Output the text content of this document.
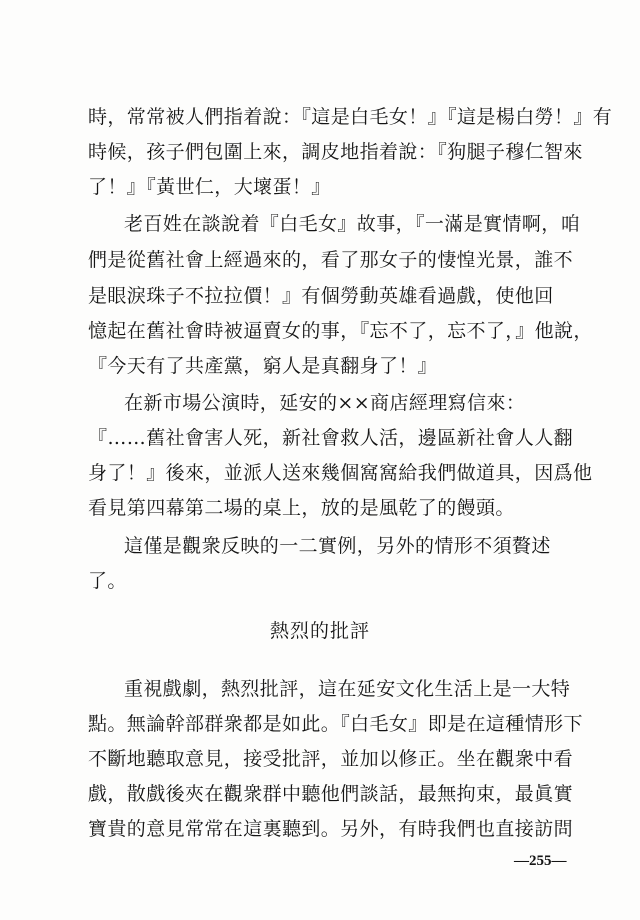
時，常常被人們指着說：『這是白毛女！』『這是楊白勞！』有
時候，孩子們包圍上來，調皮地指着說：『狗腿子穆仁智來
了！』『黃世仁，大壞蛋！』
老百姓在談說着『白毛女』故事，『一滿是實情啊，咱
們是從舊社會上經過來的，看了那女子的悽惶光景，誰不
是眼淚珠子不拉拉價！』有個勞動英雄看過戲，使他回
憶起在舊社會時被逼賣女的事，『忘不了，忘不了，』他說，
『今天有了共產黨，窮人是真翻身了！』
在新市場公演時，延安的××商店經理寫信來：
『……舊社會害人死，新社會救人活，邊區新社會人人翻
身了！』後來，並派人送來幾個窩窩給我們做道具，因爲他
看見第四幕第二場的桌上，放的是風乾了的饅頭。
這僅是觀衆反映的一二實例，另外的情形不須贅述
了。
熱烈的批評
重視戲劇，熱烈批評，這在延安文化生活上是一大特
點。無論幹部群衆都是如此。『白毛女』即是在這種情形下
不斷地聽取意見，接受批評，並加以修正。坐在觀衆中看
戲，散戲後夾在觀衆群中聽他們談話，最無拘束，最眞實
寶貴的意見常常在這裏聽到。另外，有時我們也直接訪問
—255—
